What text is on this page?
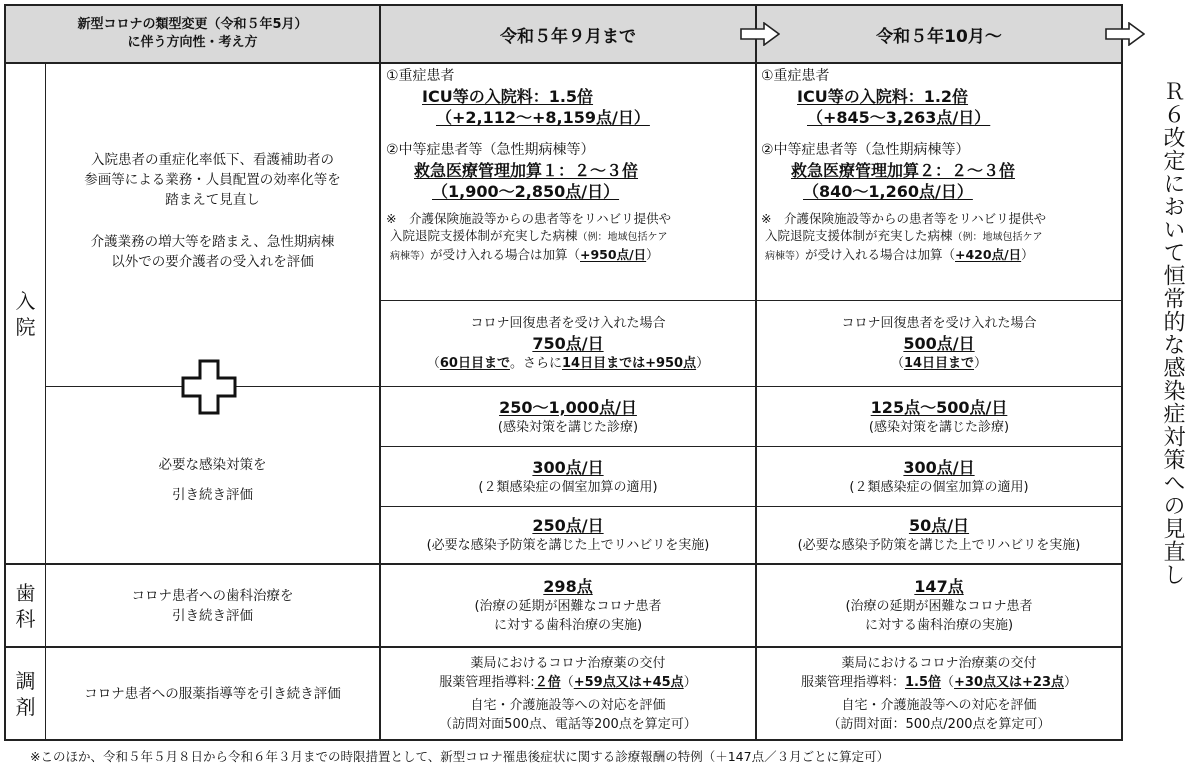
新型コロナの類型変更（令和５年5月）
に伴う方向性・考え方	令和５年９月まで	令和５年10月～
入院
歯科
調剤
入院患者の重症化率低下、看護補助者の
参画等による業務・人員配置の効率化等を
踏まえて見直し
介護業務の増大等を踏まえ、急性期病棟
以外での要介護者の受入れを評価
必要な感染対策を
引き続き評価
①重症患者
ICU等の入院料：1.5倍
（+2,112～+8,159点/日）
②中等症患者等（急性期病棟等）
救急医療管理加算１：２～３倍
（1,900～2,850点/日）
※　介護保険施設等からの患者等をリハビリ提供や
入院退院支援体制が充実した病棟（例：地域包括ケア
病棟等）が受け入れる場合は加算（+950点/日）
①重症患者
ICU等の入院料：1.2倍
（+845～3,263点/日）
②中等症患者等（急性期病棟等）
救急医療管理加算２：２～３倍
（840～1,260点/日）
※　介護保険施設等からの患者等をリハビリ提供や
入院退院支援体制が充実した病棟（例：地域包括ケア
病棟等）が受け入れる場合は加算（+420点/日）
コロナ回復患者を受け入れた場合
750点/日
（60日目まで。さらに14日目までは+950点）
コロナ回復患者を受け入れた場合
500点/日
（14日目まで）
250～1,000点/日
(感染対策を講じた診療)
125点～500点/日
(感染対策を講じた診療)
300点/日
(２類感染症の個室加算の適用)
300点/日
(２類感染症の個室加算の適用)
250点/日
(必要な感染予防策を講じた上でリハビリを実施)
50点/日
(必要な感染予防策を講じた上でリハビリを実施)
コロナ患者への歯科治療を
引き続き評価
298点
(治療の延期が困難なコロナ患者
に対する歯科治療の実施)
147点
(治療の延期が困難なコロナ患者
に対する歯科治療の実施)
コロナ患者への服薬指導等を引き続き評価
薬局におけるコロナ治療薬の交付
服薬管理指導料:２倍（+59点又は+45点）
自宅・介護施設等への対応を評価
（訪問対面500点、電話等200点を算定可）
薬局におけるコロナ治療薬の交付
服薬管理指導料：1.5倍（+30点又は+23点）
自宅・介護施設等への対応を評価
（訪問対面：500点/200点を算定可）
Ｒ６改定において恒常的な感染症対策への見直し
※このほか、令和５年５月８日から令和６年３月までの時限措置として、新型コロナ罹患後症状に関する診療報酬の特例（＋147点／３月ごとに算定可）
